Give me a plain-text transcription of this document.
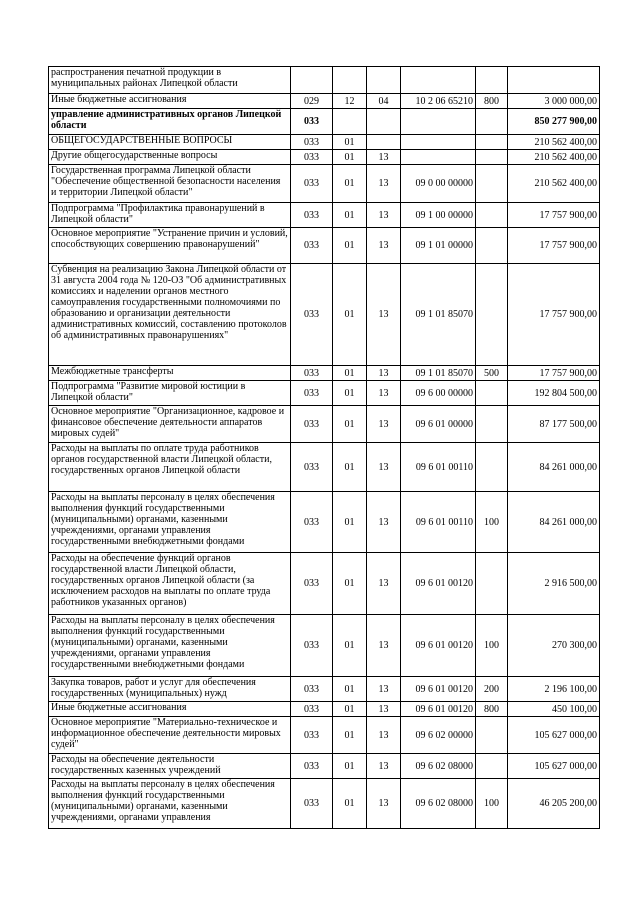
распространения печатной продукции в муниципальных районах Липецкой области						
Иные бюджетные ассигнования	029	12	04	10 2 06 65210	800	3 000 000,00
управление административных органов Липецкой области	033					850 277 900,00
ОБЩЕГОСУДАРСТВЕННЫЕ ВОПРОСЫ	033	01				210 562 400,00
Другие общегосударственные вопросы	033	01	13			210 562 400,00
Государственная программа Липецкой области "Обеспечение общественной безопасности населения и территории Липецкой области"	033	01	13	09 0 00 00000		210 562 400,00
Подпрограмма "Профилактика правонарушений в Липецкой области"	033	01	13	09 1 00 00000		17 757 900,00
Основное мероприятие "Устранение причин и условий, способствующих совершению правонарушений"	033	01	13	09 1 01 00000		17 757 900,00
Субвенция на реализацию Закона Липецкой области от 31 августа 2004 года № 120-ОЗ "Об административных комиссиях и наделении органов местного самоуправления государственными полномочиями по образованию и организации деятельности административных комиссий, составлению протоколов об административных правонарушениях"	033	01	13	09 1 01 85070		17 757 900,00
Межбюджетные трансферты	033	01	13	09 1 01 85070	500	17 757 900,00
Подпрограмма "Развитие мировой юстиции в Липецкой области"	033	01	13	09 6 00 00000		192 804 500,00
Основное мероприятие "Организационное, кадровое и финансовое обеспечение деятельности аппаратов мировых судей"	033	01	13	09 6 01 00000		87 177 500,00
Расходы на выплаты по оплате труда работников органов государственной власти Липецкой области, государственных органов Липецкой области	033	01	13	09 6 01 00110		84 261 000,00
Расходы на выплаты персоналу в целях обеспечения выполнения функций государственными (муниципальными) органами, казенными учреждениями, органами управления государственными внебюджетными фондами	033	01	13	09 6 01 00110	100	84 261 000,00
Расходы на обеспечение функций органов государственной власти Липецкой области, государственных органов Липецкой области (за исключением расходов на выплаты по оплате труда работников указанных органов)	033	01	13	09 6 01 00120		2 916 500,00
Расходы на выплаты персоналу в целях обеспечения выполнения функций государственными (муниципальными) органами, казенными учреждениями, органами управления государственными внебюджетными фондами	033	01	13	09 6 01 00120	100	270 300,00
Закупка товаров, работ и услуг для обеспечения государственных (муниципальных) нужд	033	01	13	09 6 01 00120	200	2 196 100,00
Иные бюджетные ассигнования	033	01	13	09 6 01 00120	800	450 100,00
Основное мероприятие "Материально-техническое и информационное обеспечение деятельности мировых судей"	033	01	13	09 6 02 00000		105 627 000,00
Расходы на обеспечение деятельности государственных казенных учреждений	033	01	13	09 6 02 08000		105 627 000,00
Расходы на выплаты персоналу в целях обеспечения выполнения функций государственными (муниципальными) органами, казенными учреждениями, органами управления	033	01	13	09 6 02 08000	100	46 205 200,00
